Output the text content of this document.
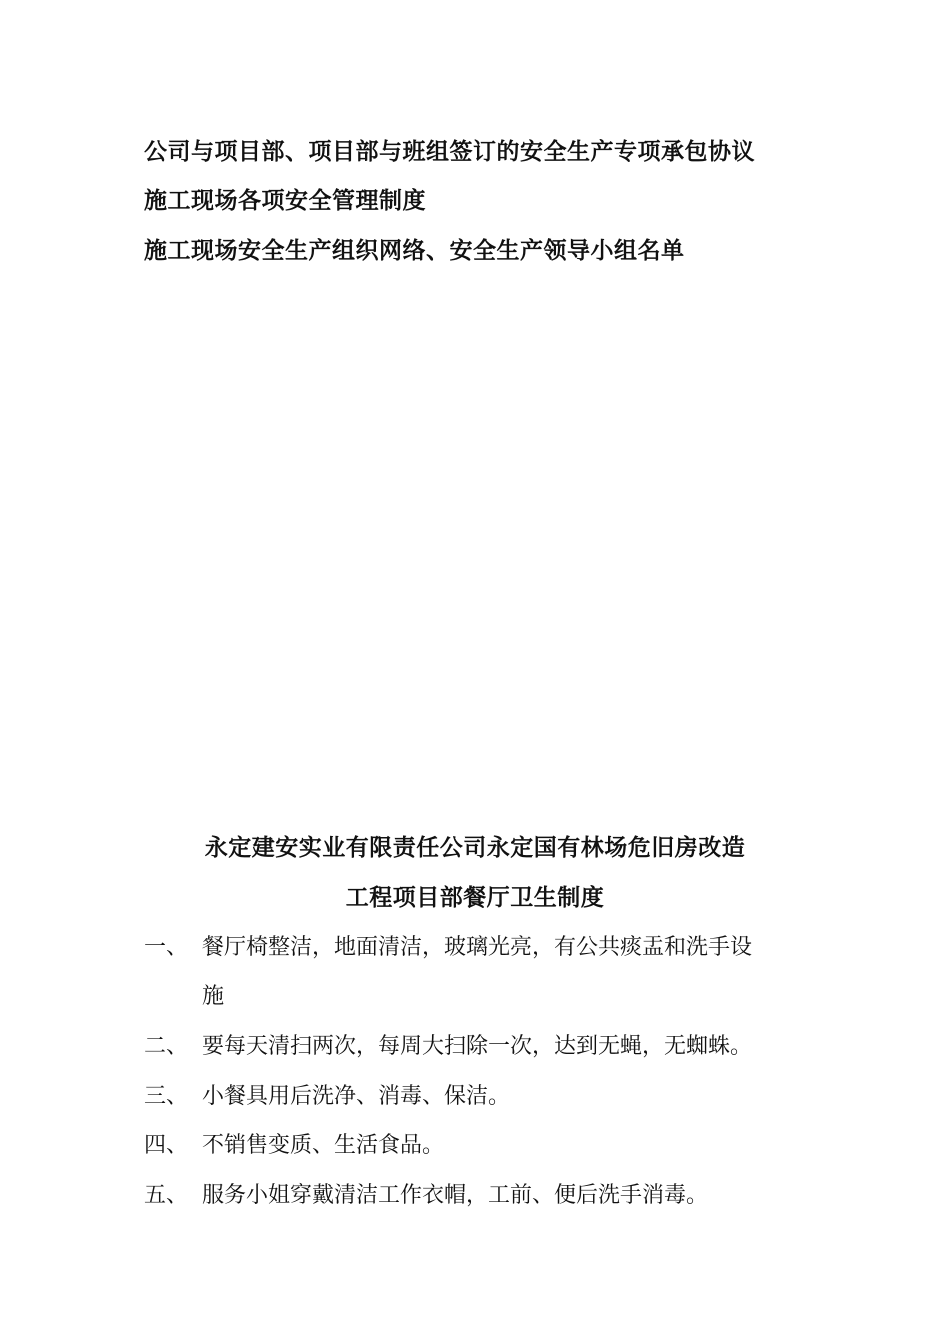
公司与项目部、项目部与班组签订的安全生产专项承包协议
施工现场各项安全管理制度
施工现场安全生产组织网络、安全生产领导小组名单
永定建安实业有限责任公司永定国有林场危旧房改造
工程项目部餐厅卫生制度
一、 餐厅椅整洁，地面清洁，玻璃光亮，有公共痰盂和洗手设
施
二、 要每天清扫两次，每周大扫除一次，达到无蝇，无蜘蛛。
三、 小餐具用后洗净、消毒、保洁。
四、 不销售变质、生活食品。
五、 服务小姐穿戴清洁工作衣帽，工前、便后洗手消毒。
